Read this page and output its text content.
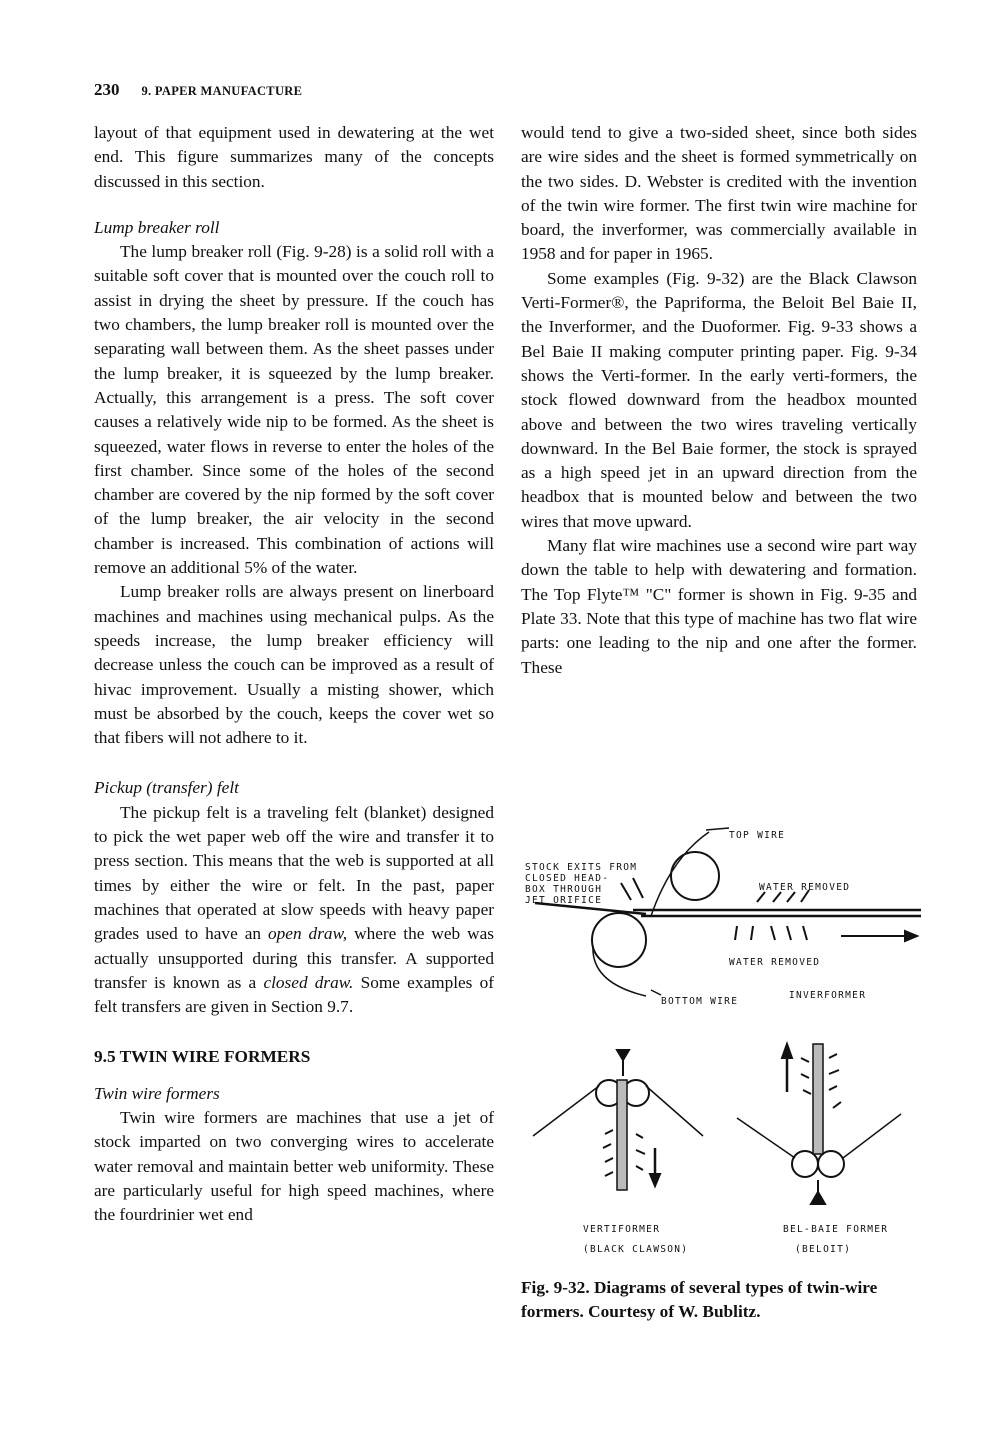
230 9. PAPER MANUFACTURE

layout of that equipment used in dewatering at the wet end. This figure summarizes many of the concepts discussed in this section.

Lump breaker roll

The lump breaker roll (Fig. 9-28) is a solid roll with a suitable soft cover that is mounted over the couch roll to assist in drying the sheet by pressure. If the couch has two chambers, the lump breaker roll is mounted over the separating wall between them. As the sheet passes under the lump breaker, it is squeezed by the lump breaker. Actually, this arrangement is a press. The soft cover causes a relatively wide nip to be formed. As the sheet is squeezed, water flows in reverse to enter the holes of the first chamber. Since some of the holes of the second chamber are covered by the nip formed by the soft cover of the lump breaker, the air velocity in the second chamber is increased. This combination of actions will remove an additional 5% of the water.

Lump breaker rolls are always present on linerboard machines and machines using mechanical pulps. As the speeds increase, the lump breaker efficiency will decrease unless the couch can be improved as a result of hivac improvement. Usually a misting shower, which must be absorbed by the couch, keeps the cover wet so that fibers will not adhere to it.

Pickup (transfer) felt

The pickup felt is a traveling felt (blanket) designed to pick the wet paper web off the wire and transfer it to press section. This means that the web is supported at all times by either the wire or felt. In the past, paper machines that operated at slow speeds with heavy paper grades used to have an open draw, where the web was actually unsupported during this transfer. A supported transfer is known as a closed draw. Some examples of felt transfers are given in Section 9.7.

9.5 TWIN WIRE FORMERS

Twin wire formers

Twin wire formers are machines that use a jet of stock imparted on two converging wires to accelerate water removal and maintain better web uniformity. These are particularly useful for high speed machines, where the fourdrinier wet end

would tend to give a two-sided sheet, since both sides are wire sides and the sheet is formed symmetrically on the two sides. D. Webster is credited with the invention of the twin wire former. The first twin wire machine for board, the inverformer, was commercially available in 1958 and for paper in 1965.

Some examples (Fig. 9-32) are the Black Clawson Verti-Former®, the Papriforma, the Beloit Bel Baie II, the Inverformer, and the Duoformer. Fig. 9-33 shows a Bel Baie II making computer printing paper. Fig. 9-34 shows the Verti-former. In the early verti-formers, the stock flowed downward from the headbox mounted above and between the two wires traveling vertically downward. In the Bel Baie former, the stock is sprayed as a high speed jet in an upward direction from the headbox that is mounted below and between the two wires that move upward.

Many flat wire machines use a second wire part way down the table to help with dewatering and formation. The Top Flyte™ "C" former is shown in Fig. 9-35 and Plate 33. Note that this type of machine has two flat wire parts: one leading to the nip and one after the former. These

TOP WIRE
STOCK EXITS FROM
CLOSED HEAD-
BOX THROUGH
JET ORIFICE
WATER REMOVED
WATER REMOVED
BOTTOM WIRE
INVERFORMER
VERTIFORMER
(BLACK CLAWSON)
BEL-BAIE FORMER
(BELOIT)
Fig. 9-32. Diagrams of several types of twin-wire formers. Courtesy of W. Bublitz.
